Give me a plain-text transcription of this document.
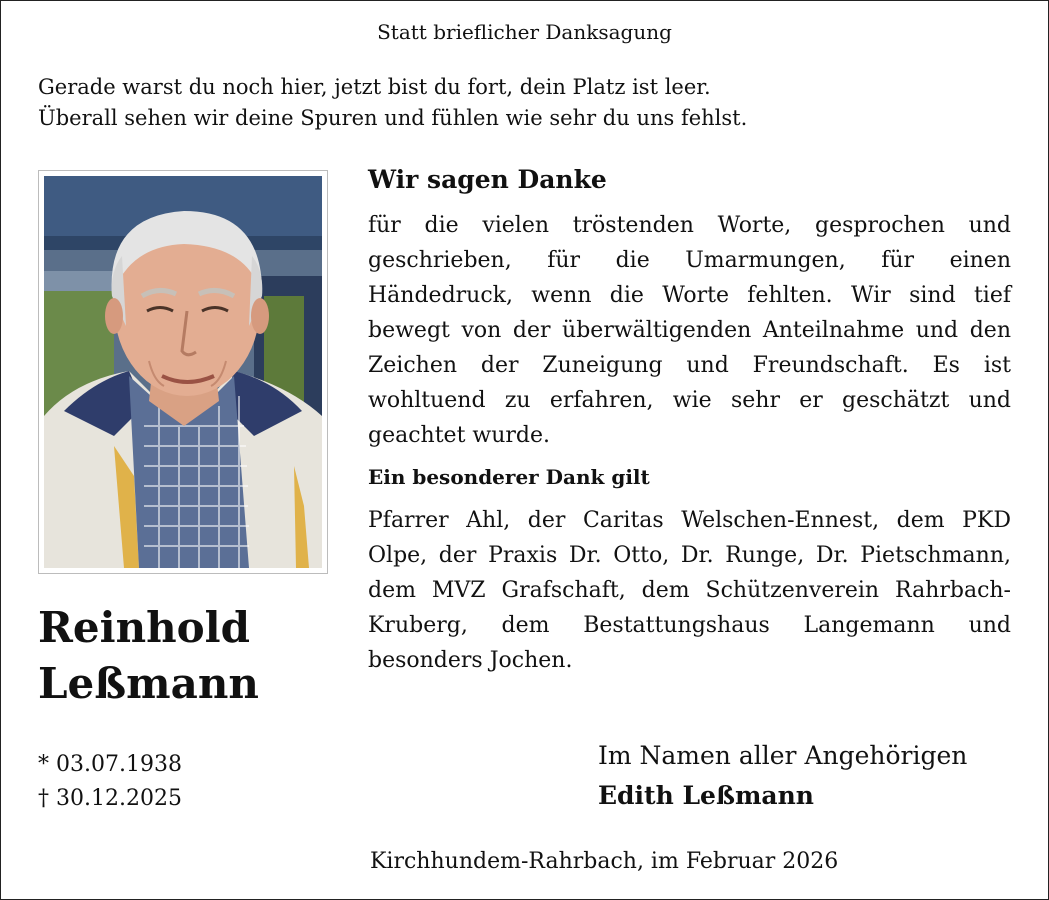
Statt brieflicher Danksagung
Gerade warst du noch hier, jetzt bist du fort, dein Platz ist leer.
Überall sehen wir deine Spuren und fühlen wie sehr du uns fehlst.
Reinhold
Leßmann
* 03.07.1938
† 30.12.2025
Wir sagen Danke

für die vielen tröstenden Worte, gesprochen und geschrieben, für die Umarmungen, für einen Händedruck, wenn die Worte fehlten. Wir sind tief bewegt von der überwältigenden Anteilnahme und den Zeichen der Zuneigung und Freundschaft. Es ist wohltuend zu erfahren, wie sehr er geschätzt und geachtet wurde.

Ein besonderer Dank gilt

Pfarrer Ahl, der Caritas Welschen-Ennest, dem PKD Olpe, der Praxis Dr. Otto, Dr. Runge, Dr. Pietschmann, dem MVZ Grafschaft, dem Schützenverein Rahrbach-Kruberg, dem Bestattungshaus Langemann und besonders Jochen.

Im Namen aller Angehörigen
Edith Leßmann
Kirchhundem-Rahrbach, im Februar 2026
